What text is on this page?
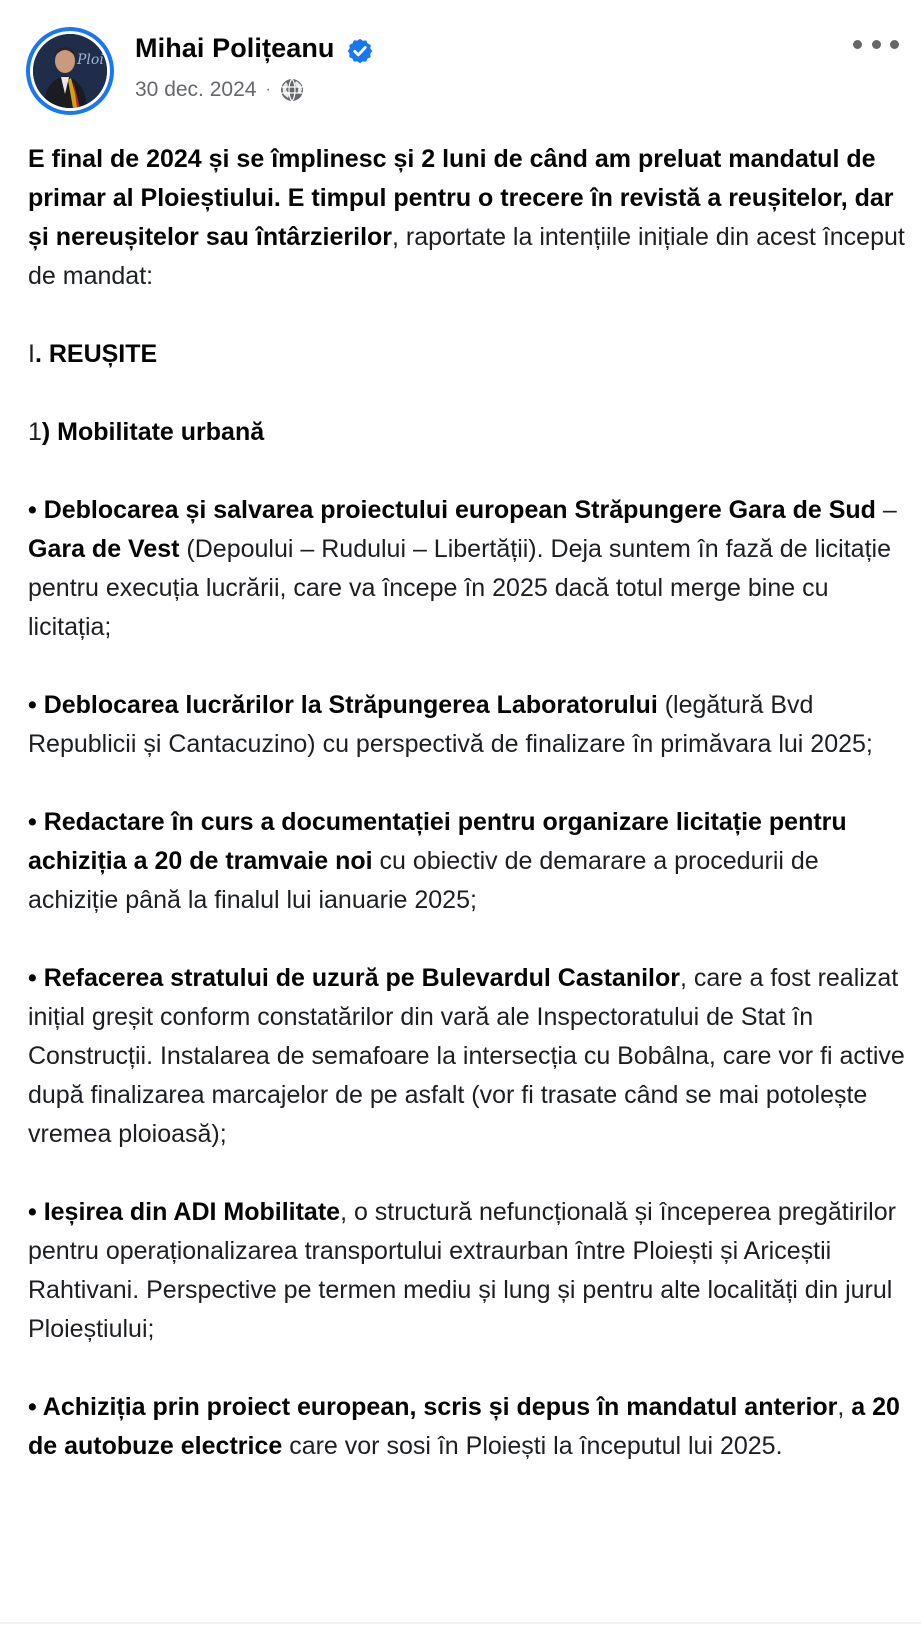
Ploi Mihai Polițeanu
30 dec. 2024 ·

E final de 2024 și se împlinesc și 2 luni de când am preluat mandatul de primar al Ploieștiului. E timpul pentru o trecere în revistă a reușitelor, dar și nereușitelor sau întârzierilor, raportate la intențiile inițiale din acest început de mandat:

I. REUȘITE

1) Mobilitate urbană

• Deblocarea și salvarea proiectului european Străpungere Gara de Sud – Gara de Vest (Depoului – Rudului – Libertății). Deja suntem în fază de licitație pentru execuția lucrării, care va începe în 2025 dacă totul merge bine cu licitația;

• Deblocarea lucrărilor la Străpungerea Laboratorului (legătură Bvd Republicii și Cantacuzino) cu perspectivă de finalizare în primăvara lui 2025;

• Redactare în curs a documentației pentru organizare licitație pentru achiziția a 20 de tramvaie noi cu obiectiv de demarare a procedurii de achiziție până la finalul lui ianuarie 2025;

• Refacerea stratului de uzură pe Bulevardul Castanilor, care a fost realizat inițial greșit conform constatărilor din vară ale Inspectoratului de Stat în Construcții. Instalarea de semafoare la intersecția cu Bobâlna, care vor fi active după finalizarea marcajelor de pe asfalt (vor fi trasate când se mai potolește vremea ploioasă);

• Ieșirea din ADI Mobilitate, o structură nefuncțională și începerea pregătirilor pentru operaționalizarea transportului extraurban între Ploiești și Ariceștii Rahtivani. Perspective pe termen mediu și lung și pentru alte localități din jurul Ploieștiului;

• Achiziția prin proiect european, scris și depus în mandatul anterior, a 20 de autobuze electrice care vor sosi în Ploiești la începutul lui 2025.
